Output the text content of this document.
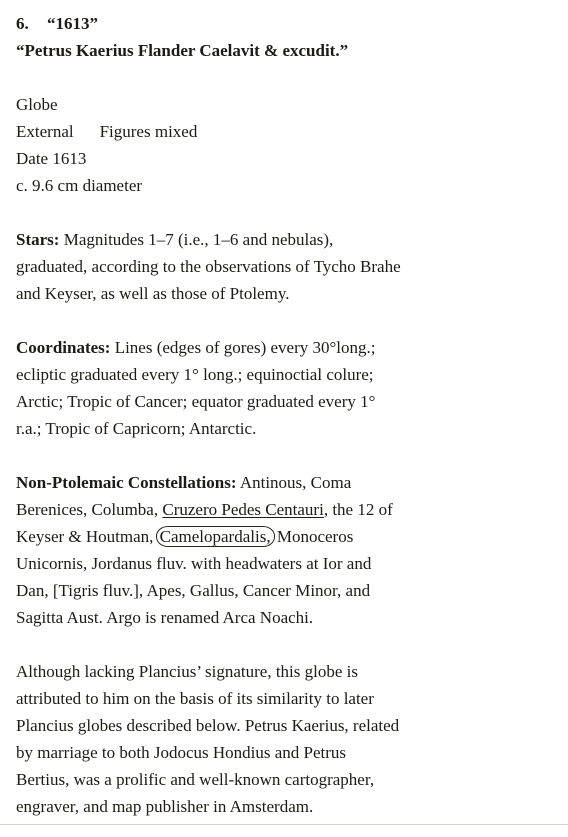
6. “1613”
“Petrus Kaerius Flander Caelavit & excudit.”
Globe
External Figures mixed
Date 1613
c. 9.6 cm diameter
Stars: Magnitudes 1–7 (i.e., 1–6 and nebulas),
graduated, according to the observations of Tycho Brahe
and Keyser, as well as those of Ptolemy.
Coordinates: Lines (edges of gores) every 30°long.;
ecliptic graduated every 1° long.; equinoctial colure;
Arctic; Tropic of Cancer; equator graduated every 1°
r.a.; Tropic of Capricorn; Antarctic.
Non-Ptolemaic Constellations: Antinous, Coma
Berenices, Columba, Cruzero Pedes Centauri, the 12 of
Keyser & Houtman, Camelopardalis, Monoceros
Unicornis, Jordanus fluv. with headwaters at Ior and
Dan, [Tigris fluv.], Apes, Gallus, Cancer Minor, and
Sagitta Aust. Argo is renamed Arca Noachi.
Although lacking Plancius’ signature, this globe is
attributed to him on the basis of its similarity to later
Plancius globes described below. Petrus Kaerius, related
by marriage to both Jodocus Hondius and Petrus
Bertius, was a prolific and well-known cartographer,
engraver, and map publisher in Amsterdam.
